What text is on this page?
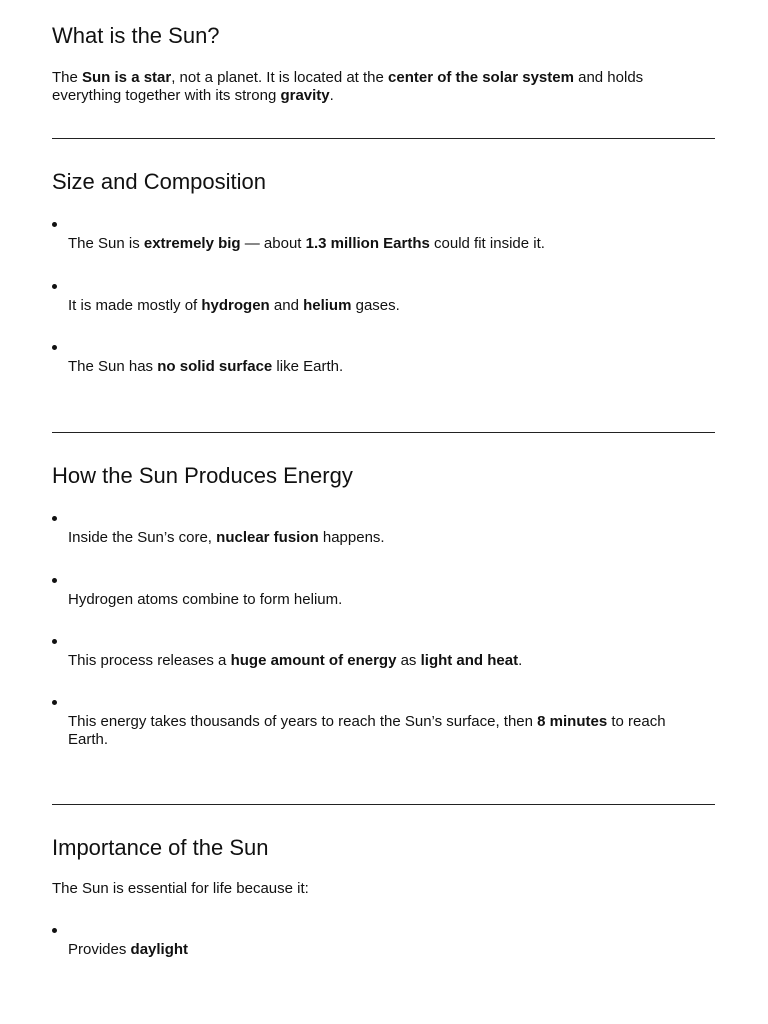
What is the Sun?

The Sun is a star, not a planet. It is located at the center of the solar system and holds everything together with its strong gravity.

Size and Composition
The Sun is extremely big — about 1.3 million Earths could fit inside it.
It is made mostly of hydrogen and helium gases.
The Sun has no solid surface like Earth.
How the Sun Produces Energy
Inside the Sun’s core, nuclear fusion happens.
Hydrogen atoms combine to form helium.
This process releases a huge amount of energy as light and heat.
This energy takes thousands of years to reach the Sun’s surface, then 8 minutes to reach Earth.
Importance of the Sun

The Sun is essential for life because it:

Provides daylight
